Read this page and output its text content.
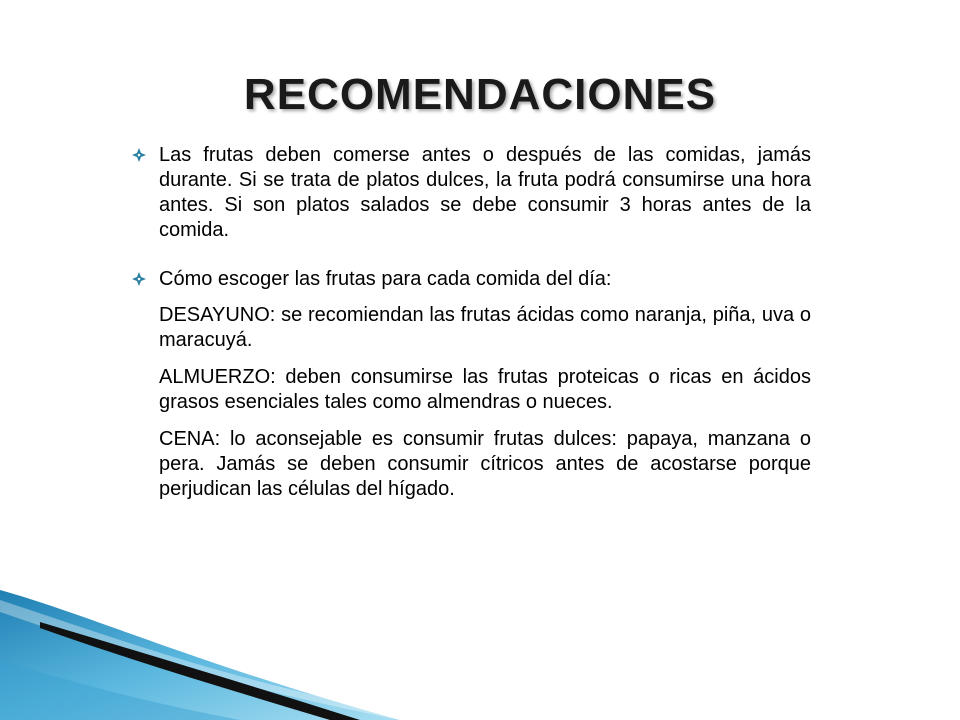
RECOMENDACIONES
Las frutas deben comerse antes o después de las comidas, jamás durante. Si se trata de platos dulces, la fruta podrá consumirse una hora antes. Si son platos salados se debe consumir 3 horas antes de la comida.
Cómo escoger las frutas para cada comida del día:
DESAYUNO: se recomiendan las frutas ácidas como naranja, piña, uva o maracuyá.
ALMUERZO: deben consumirse las frutas proteicas o ricas en ácidos grasos esenciales tales como almendras o nueces.
CENA: lo aconsejable es consumir frutas dulces: papaya, manzana o pera. Jamás se deben consumir cítricos antes de acostarse porque perjudican las células del hígado.
